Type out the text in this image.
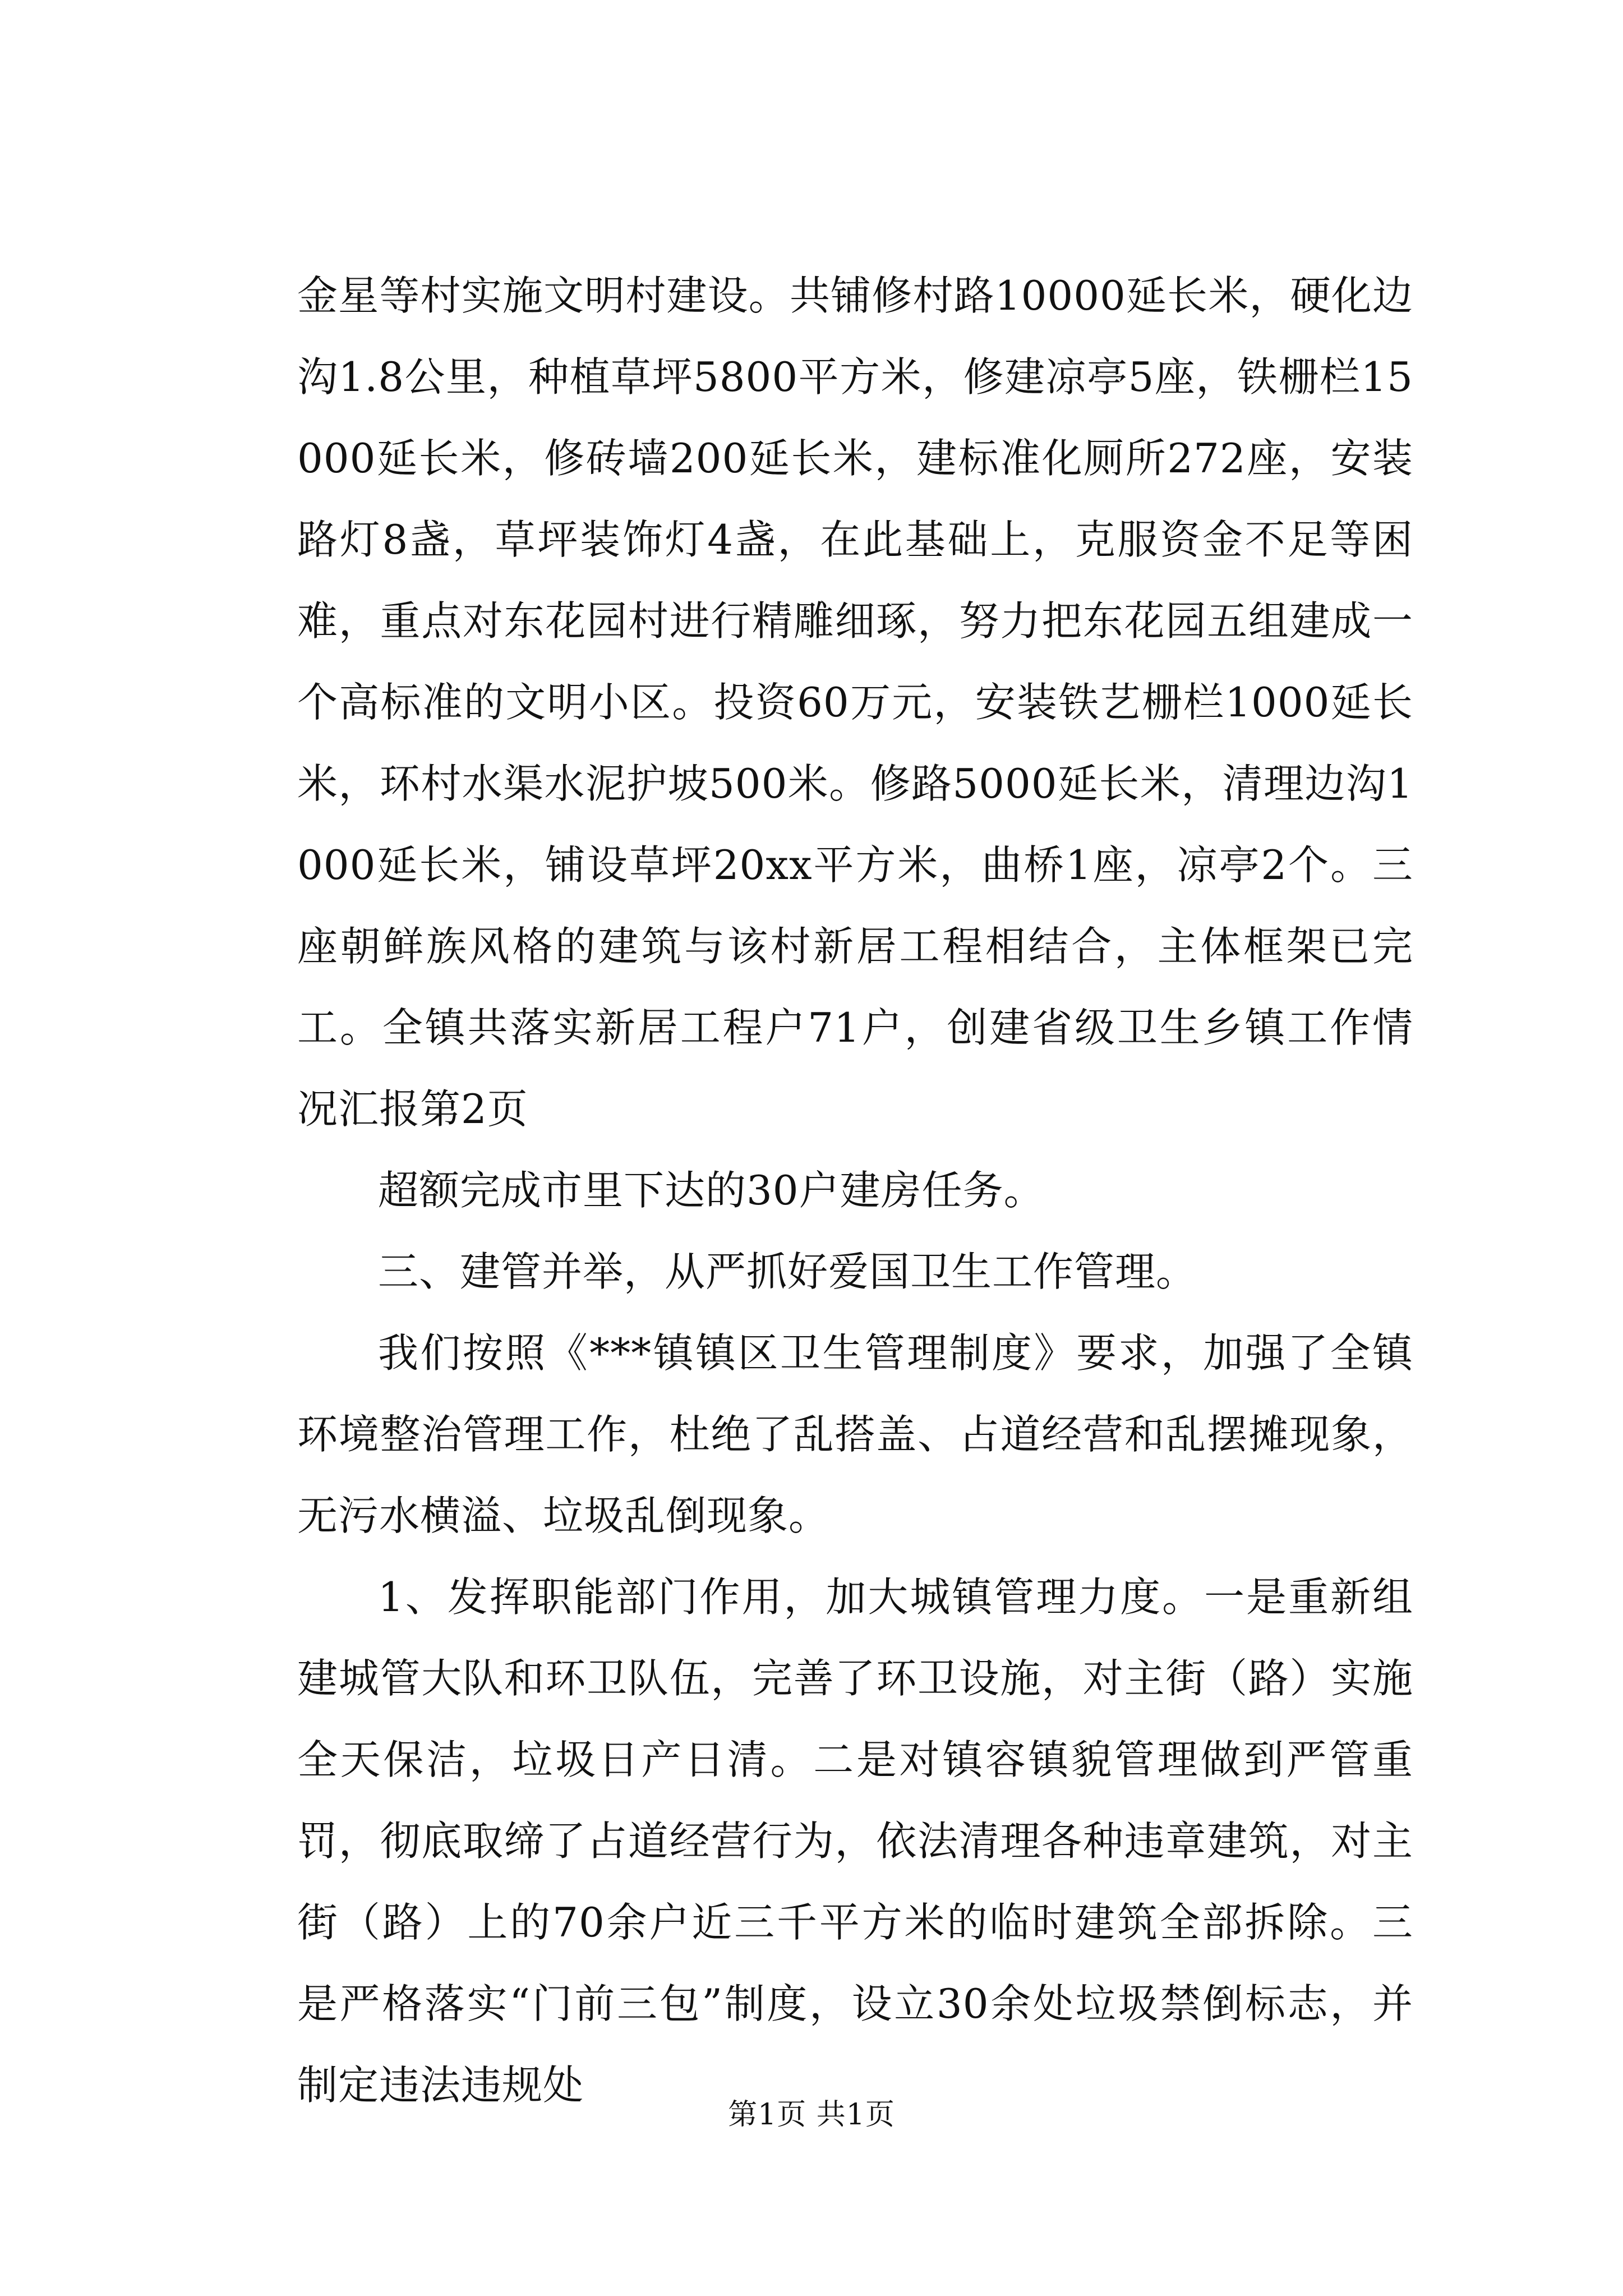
金星等村实施文明村建设。共铺修村路10000延长米，硬化边沟1.8公里，种植草坪5800平方米，修建凉亭5座，铁栅栏15000延长米，修砖墙200延长米，建标准化厕所272座，安装路灯8盏，草坪装饰灯4盏，在此基础上，克服资金不足等困难，重点对东花园村进行精雕细琢，努力把东花园五组建成一个高标准的文明小区。投资60万元，安装铁艺栅栏1000延长米，环村水渠水泥护坡500米。修路5000延长米，清理边沟1000延长米，铺设草坪20xx平方米，曲桥1座，凉亭2个。三座朝鲜族风格的建筑与该村新居工程相结合，主体框架已完工。全镇共落实新居工程户71户，创建省级卫生乡镇工作情况汇报第2页

超额完成市里下达的30户建房任务。

三、建管并举，从严抓好爱国卫生工作管理。

我们按照《***镇镇区卫生管理制度》要求，加强了全镇环境整治管理工作，杜绝了乱搭盖、占道经营和乱摆摊现象，无污水横溢、垃圾乱倒现象。

1、发挥职能部门作用，加大城镇管理力度。一是重新组建城管大队和环卫队伍，完善了环卫设施，对主街（路）实施全天保洁，垃圾日产日清。二是对镇容镇貌管理做到严管重罚，彻底取缔了占道经营行为，依法清理各种违章建筑，对主街（路）上的70余户近三千平方米的临时建筑全部拆除。三是严格落实“门前三包”制度，设立30余处垃圾禁倒标志，并制定违法违规处

第1页 共1页
